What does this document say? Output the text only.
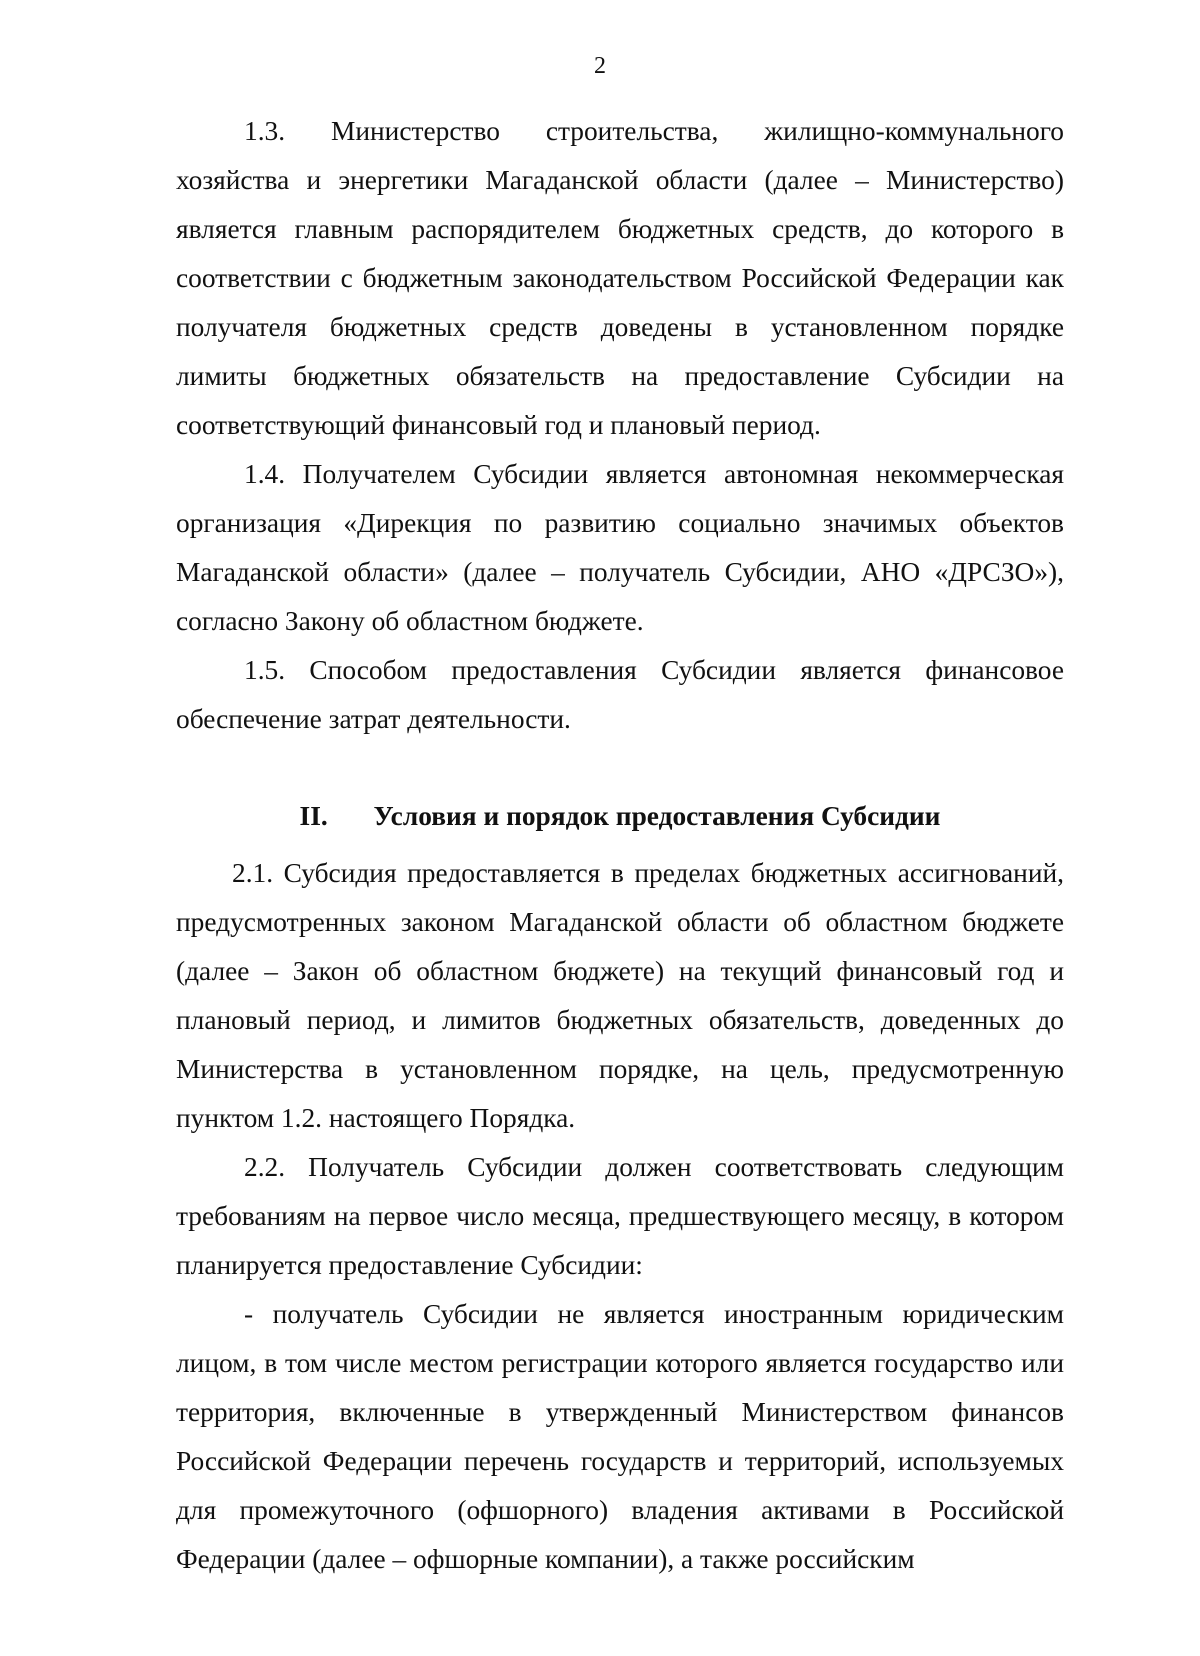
2

1.3. Министерство строительства, жилищно-коммунального хозяйства и энергетики Магаданской области (далее – Министерство) является главным распорядителем бюджетных средств, до которого в соответствии с бюджетным законодательством Российской Федерации как получателя бюджетных средств доведены в установленном порядке лимиты бюджетных обязательств на предоставление Субсидии на соответствующий финансовый год и плановый период.

1.4. Получателем Субсидии является автономная некоммерческая организация «Дирекция по развитию социально значимых объектов Магаданской области» (далее – получатель Субсидии, АНО «ДРСЗО»), согласно Закону об областном бюджете.

1.5. Способом предоставления Субсидии является финансовое обеспечение затрат деятельности.

II.	Условия и порядок предоставления Субсидии

2.1. Субсидия предоставляется в пределах бюджетных ассигнований, предусмотренных законом Магаданской области об областном бюджете (далее – Закон об областном бюджете) на текущий финансовый год и плановый период, и лимитов бюджетных обязательств, доведенных до Министерства в установленном порядке, на цель, предусмотренную пунктом 1.2. настоящего Порядка.

2.2. Получатель Субсидии должен соответствовать следующим требованиям на первое число месяца, предшествующего месяцу, в котором планируется предоставление Субсидии:

- получатель Субсидии не является иностранным юридическим лицом, в том числе местом регистрации которого является государство или территория, включенные в утвержденный Министерством финансов Российской Федерации перечень государств и территорий, используемых для промежуточного (офшорного) владения активами в Российской Федерации (далее – офшорные компании), а также российским
